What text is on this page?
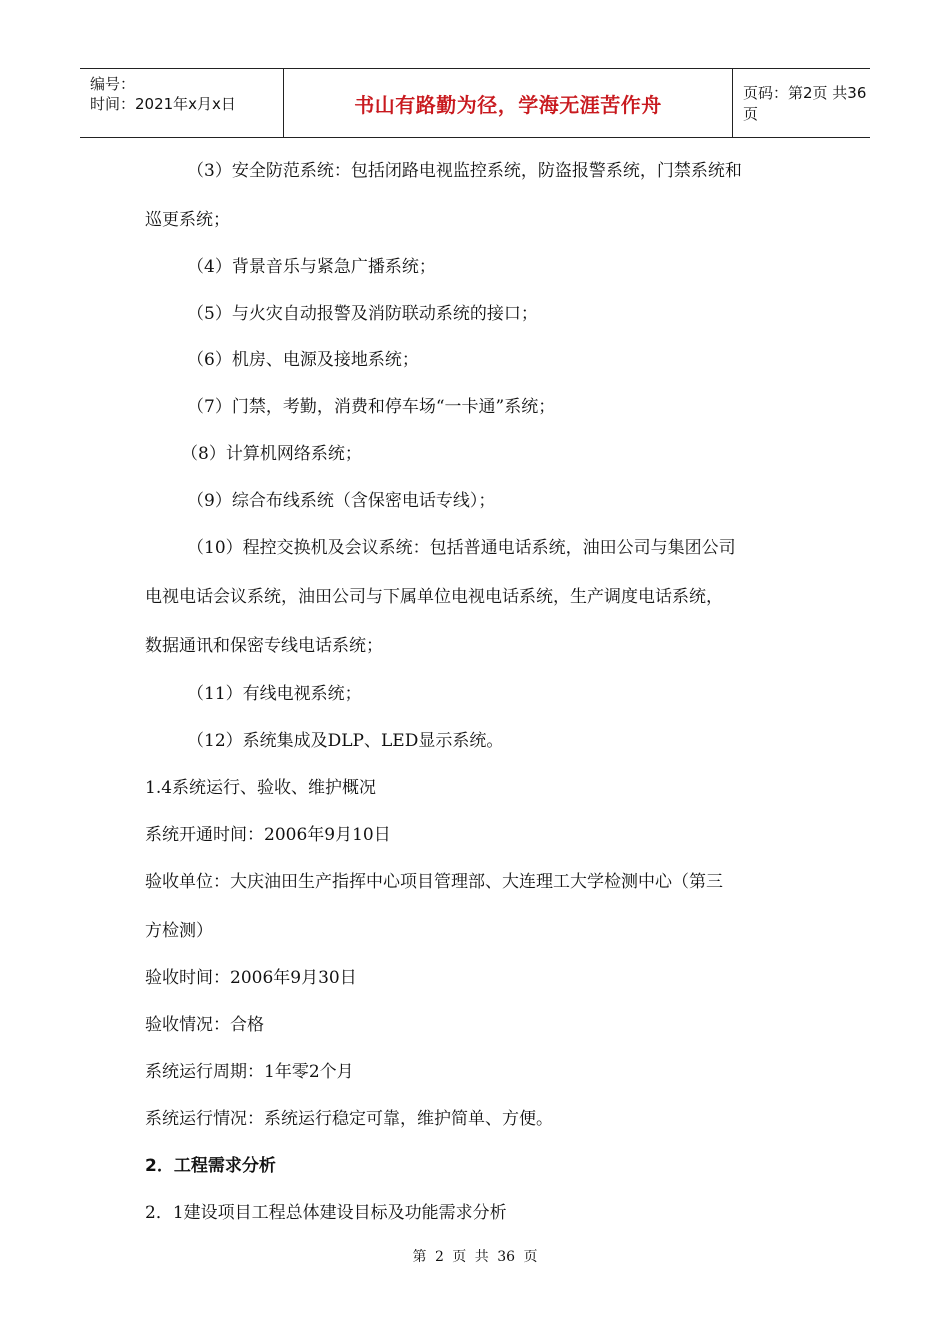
编号：
时间：2021年x月x日	书山有路勤为径，学海无涯苦作舟	页码：第2页 共36页
（3）安全防范系统：包括闭路电视监控系统，防盗报警系统，门禁系统和
巡更系统；
（4）背景音乐与紧急广播系统；
（5）与火灾自动报警及消防联动系统的接口；
（6）机房、电源及接地系统；
（7）门禁，考勤，消费和停车场“一卡通”系统；
（8）计算机网络系统；
（9）综合布线系统（含保密电话专线）；
（10）程控交换机及会议系统：包括普通电话系统，油田公司与集团公司
电视电话会议系统，油田公司与下属单位电视电话系统，生产调度电话系统，
数据通讯和保密专线电话系统；
（11）有线电视系统；
（12）系统集成及DLP、LED显示系统。
1.4系统运行、验收、维护概况
系统开通时间：2006年9月10日
验收单位：大庆油田生产指挥中心项目管理部、大连理工大学检测中心（第三
方检测）
验收时间：2006年9月30日
验收情况：合格
系统运行周期：1年零2个月
系统运行情况：系统运行稳定可靠，维护简单、方便。
2．工程需求分析
2．1建设项目工程总体建设目标及功能需求分析
第 2 页 共 36 页
